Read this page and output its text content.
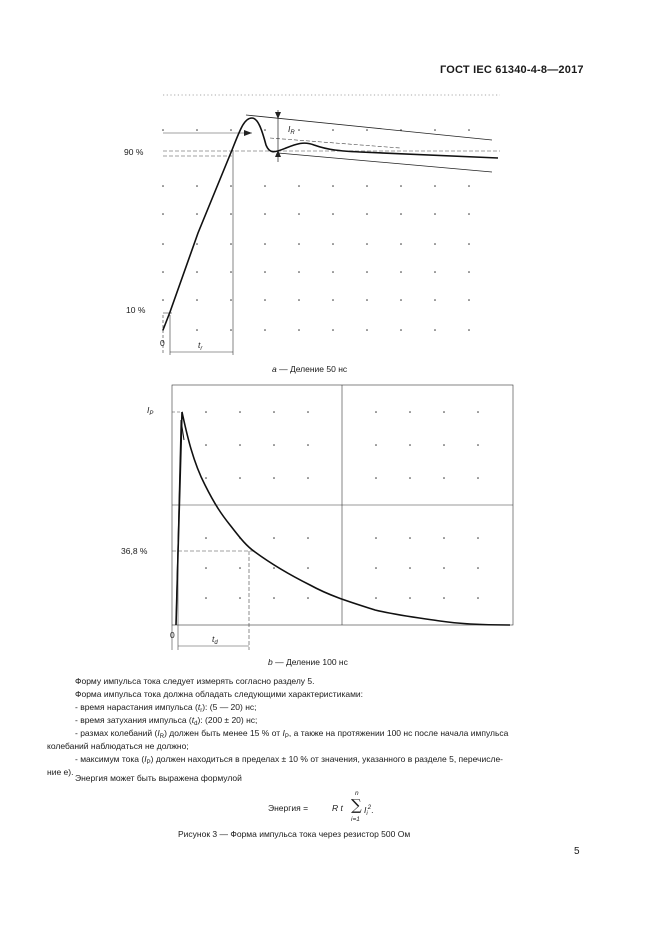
ГОСТ IEC 61340-4-8—2017
90 %
10 %
0	$t_r$
$I_R$
a — Деление 50 нс
$I_P$
36,8 %
0	$t_d$
b — Деление 100 нс
Форму импульса тока следует измерять согласно разделу 5.
Форма импульса тока должна обладать следующими характеристиками:
- время нарастания импульса $(t_r)$: (5 — 20) нс;
- время затухания импульса $(t_d)$: (200 ± 20) нс;
- размах колебаний $(I_R)$ должен быть менее 15 % от $I_P$, а также на протяжении 100 нс после начала импульса
колебаний наблюдаться не должно;
- максимум тока $(I_P)$ должен находиться в пределах ± 10 % от значения, указанного в разделе 5, перечисле-
ние e).
Энергия может быть выражена формулой
Энергия =	R t
n
∑
i=1
$I_i^2$.
Рисунок 3 — Форма импульса тока через резистор 500 Ом
5
